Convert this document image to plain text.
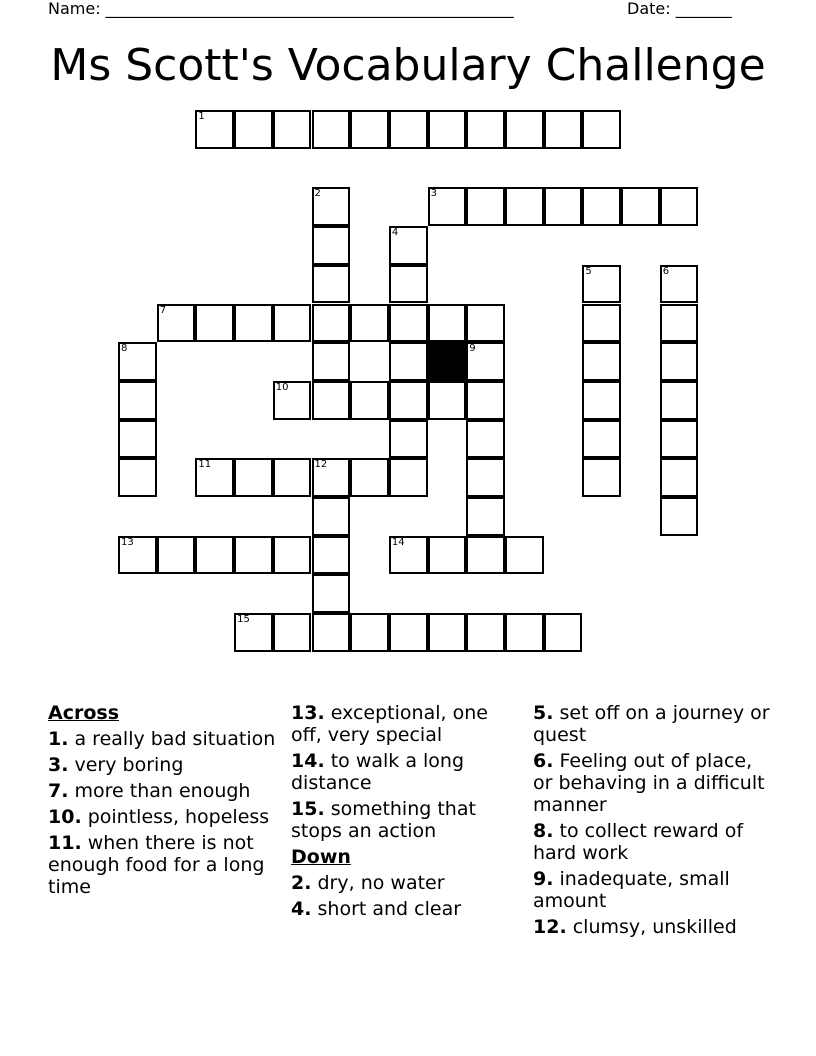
Name: ___________________________________________________	Date: _______
Ms Scott's Vocabulary Challenge
1
2	3
4
5	6
7
8	9
10
11	12
13	14
15
Across
1. a really bad situation
3. very boring
7. more than enough
10. pointless, hopeless
11. when there is not enough food for a long time
13. exceptional, one off, very special
14. to walk a long distance
15. something that stops an action
Down
2. dry, no water
4. short and clear
5. set off on a journey or quest
6. Feeling out of place, or behaving in a difficult manner
8. to collect reward of hard work
9. inadequate, small amount
12. clumsy, unskilled
